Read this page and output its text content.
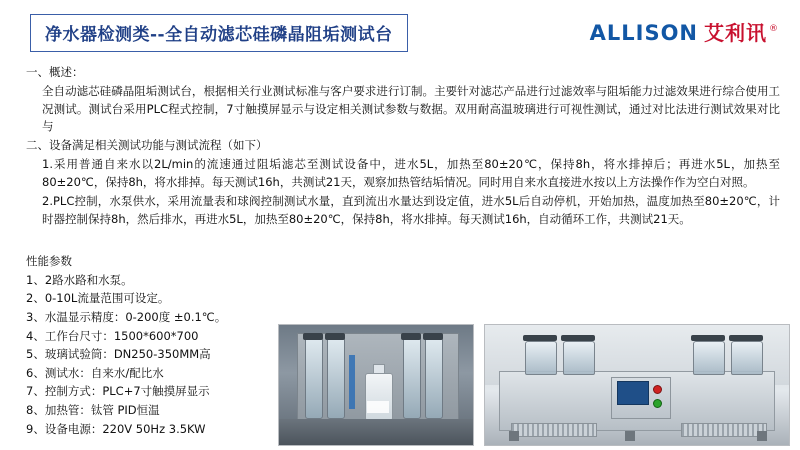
净水器检测类--全自动滤芯硅磷晶阻垢测试台	ALLISON 艾利讯 ®

一、概述：

全自动滤芯硅磷晶阻垢测试台，根据相关行业测试标准与客户要求进行订制。主要针对滤芯产品进行过滤效率与阻垢能力过滤效果进行综合使用工况测试。测试台采用PLC程式控制，7寸触摸屏显示与设定相关测试参数与数据。双用耐高温玻璃进行可视性测试，通过对比法进行测试效果对比与

二、设备满足相关测试功能与测试流程（如下）

1.采用普通自来水以2L/min的流速通过阻垢滤芯至测试设备中，进水5L，加热至80±20℃，保持8h，将水排掉后；再进水5L，加热至80±20℃，保持8h，将水排掉。每天测试16h，共测试21天，观察加热管结垢情况。同时用自来水直接进水按以上方法操作作为空白对照。

2.PLC控制，水泵供水，采用流量表和球阀控制测试水量，直到流出水量达到设定值，进水5L后自动停机，开始加热，温度加热至80±20℃，计时器控制保持8h，然后排水，再进水5L，加热至80±20℃，保持8h，将水排掉。每天测试16h，自动循环工作，共测试21天。

性能参数

1、2路水路和水泵。

2、0-10L流量范围可设定。

3、水温显示精度：0-200度 ±0.1℃。

4、工作台尺寸：1500*600*700

5、玻璃试验筒：DN250-350MM高

6、测试水：自来水/配比水

7、控制方式：PLC+7寸触摸屏显示

8、加热管：钛管 PID恒温

9、设备电源：220V 50Hz 3.5KW
